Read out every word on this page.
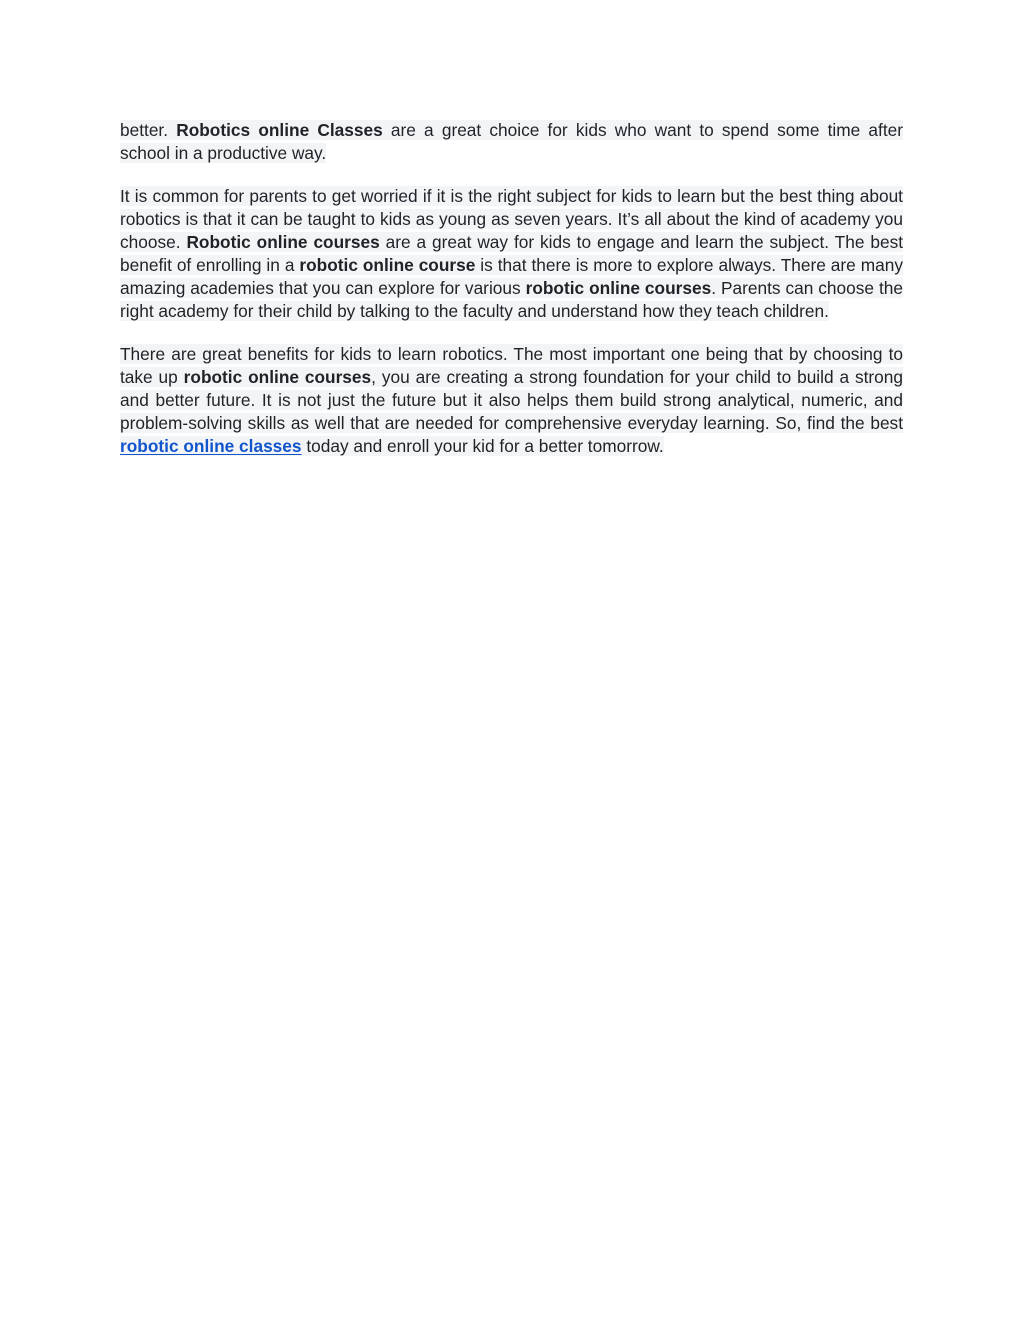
better. Robotics online Classes are a great choice for kids who want to spend some time after school in a productive way.

It is common for parents to get worried if it is the right subject for kids to learn but the best thing about robotics is that it can be taught to kids as young as seven years. It’s all about the kind of academy you choose. Robotic online courses are a great way for kids to engage and learn the subject. The best benefit of enrolling in a robotic online course is that there is more to explore always. There are many amazing academies that you can explore for various robotic online courses. Parents can choose the right academy for their child by talking to the faculty and understand how they teach children.

There are great benefits for kids to learn robotics. The most important one being that by choosing to take up robotic online courses, you are creating a strong foundation for your child to build a strong and better future. It is not just the future but it also helps them build strong analytical, numeric, and problem-solving skills as well that are needed for comprehensive everyday learning. So, find the best robotic online classes today and enroll your kid for a better tomorrow.
